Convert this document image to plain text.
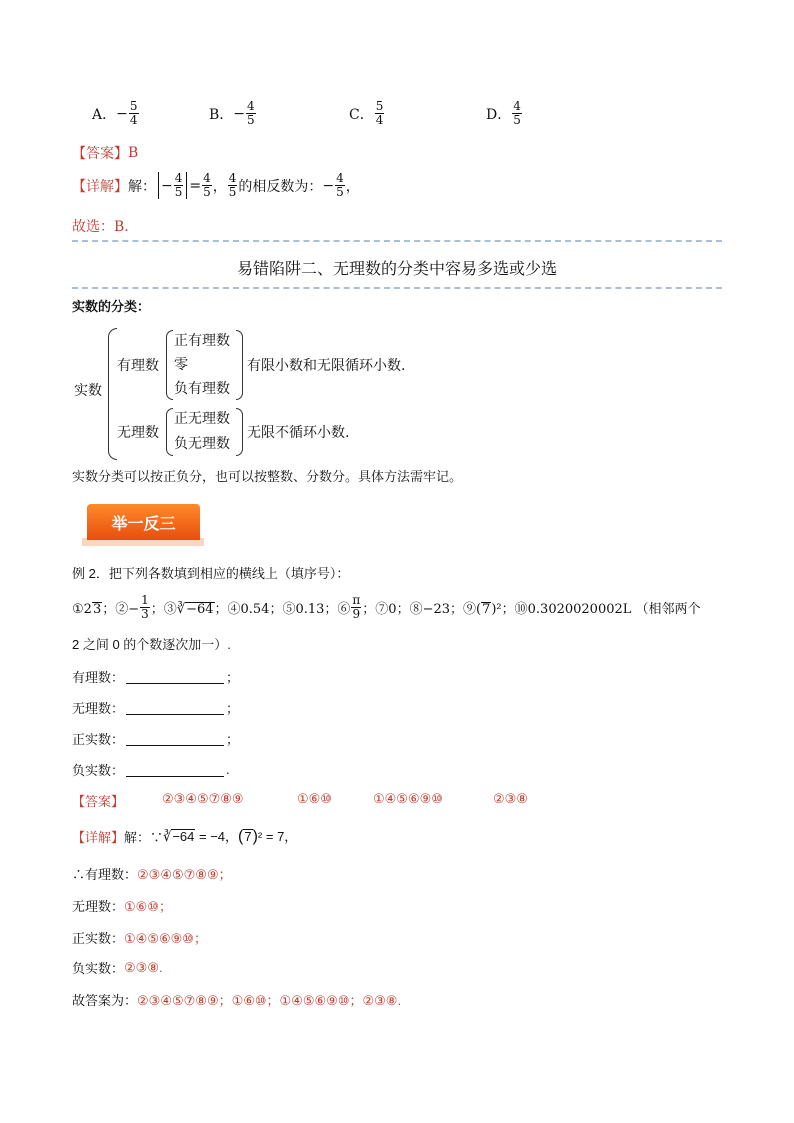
A． − $\frac{5}{4}$	B． − $\frac{4}{5}$	C． $\frac{5}{4}$	D． $\frac{4}{5}$
【答案】 B
【详解】 解： − $\frac{4}{5} = \frac{4}{5}$ ， $\frac{4}{5}$ 的相反数为： − $\frac{4}{5}$ ，
故选：B．
易错陷阱二、无理数的分类中容易多选或少选
实数的分类：
实数
有理数
正有理数
零
负有理数
有限小数和无限循环小数.
无理数
正无理数
负无理数
无限不循环小数.
实数分类可以按正负分，也可以按整数、分数分。具体方法需牢记。
举一反三
例 2．把下列各数填到相应的横线上（填序号）：
①23；②− $\frac{1}{3}$ ；③∛−64；④0.54；⑤0.13；⑥ $\frac{\pi}{9}$ ；⑦0；⑧−23；⑨(7)²；⑩0.3020020002L （相邻两个
2 之间 0 的个数逐次加一）.
有理数：	；
无理数：	；
正实数：	；
负实数：	.
【答案】	②③④⑤⑦⑧⑨	①⑥⑩	①④⑤⑥⑨⑩	②③⑧
【详解】 解：∵ ∛−64 = −4，(7)² = 7，
∴有理数： ②③④⑤⑦⑧⑨；
无理数： ①⑥⑩；
正实数： ①④⑤⑥⑨⑩；
负实数： ②③⑧.
故答案为： ②③④⑤⑦⑧⑨；①⑥⑩；①④⑤⑥⑨⑩；②③⑧.
